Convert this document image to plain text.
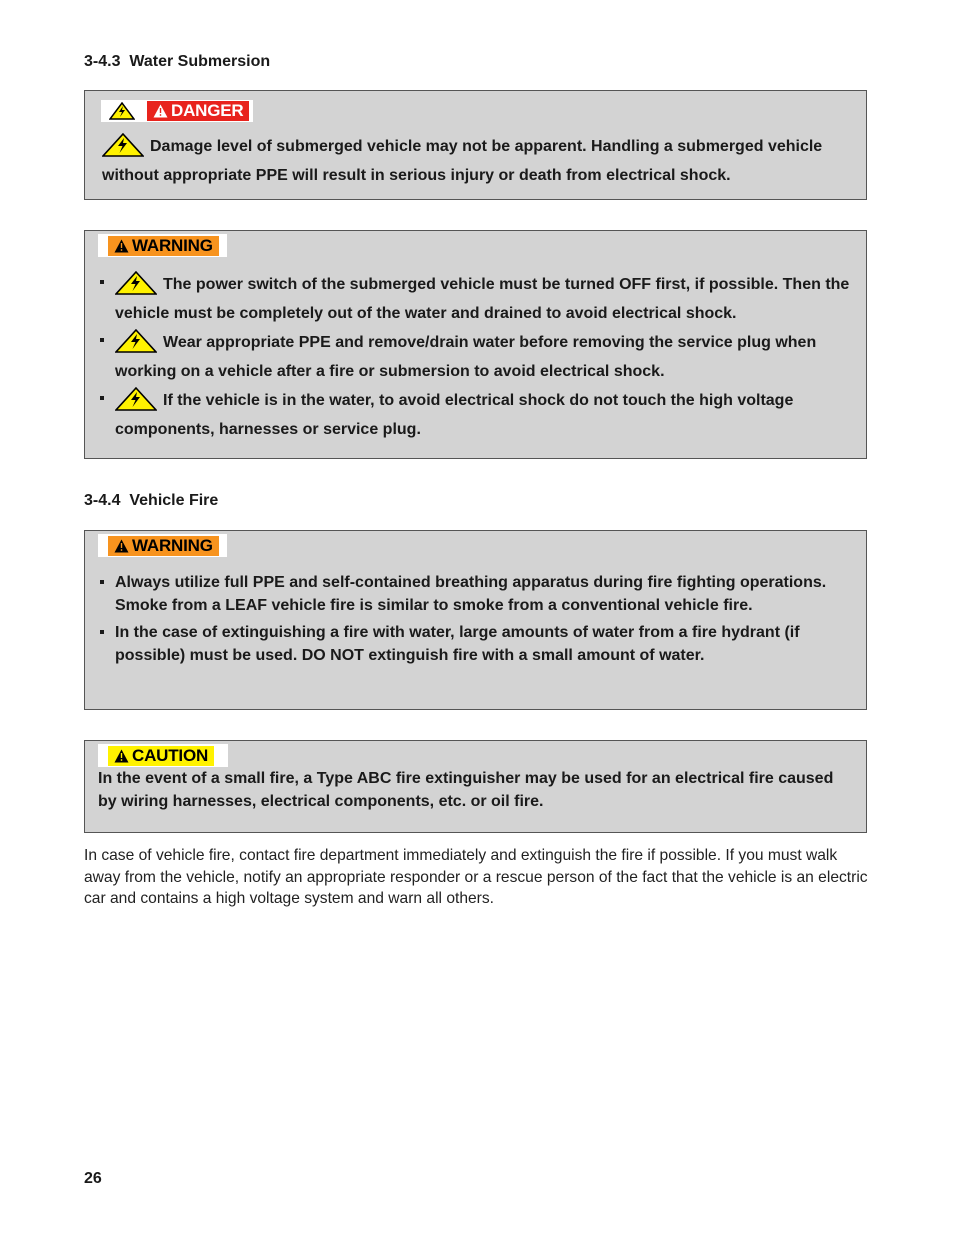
3-4.3 Water Submersion
DANGER
Damage level of submerged vehicle may not be apparent. Handling a submerged vehicle without appropriate PPE will result in serious injury or death from electrical shock.
WARNING
The power switch of the submerged vehicle must be turned OFF first, if possible. Then the vehicle must be completely out of the water and drained to avoid electrical shock.
Wear appropriate PPE and remove/drain water before removing the service plug when working on a vehicle after a fire or submersion to avoid electrical shock.
If the vehicle is in the water, to avoid electrical shock do not touch the high voltage components, harnesses or service plug.
3-4.4 Vehicle Fire
WARNING
Always utilize full PPE and self-contained breathing apparatus during fire fighting operations. Smoke from a LEAF vehicle fire is similar to smoke from a conventional vehicle fire.
In the case of extinguishing a fire with water, large amounts of water from a fire hydrant (if possible) must be used. DO NOT extinguish fire with a small amount of water.
CAUTION
In the event of a small fire, a Type ABC fire extinguisher may be used for an electrical fire caused by wiring harnesses, electrical components, etc. or oil fire.
In case of vehicle fire, contact fire department immediately and extinguish the fire if possible. If you must walk away from the vehicle, notify an appropriate responder or a rescue person of the fact that the vehicle is an electric car and contains a high voltage system and warn all others.
26
